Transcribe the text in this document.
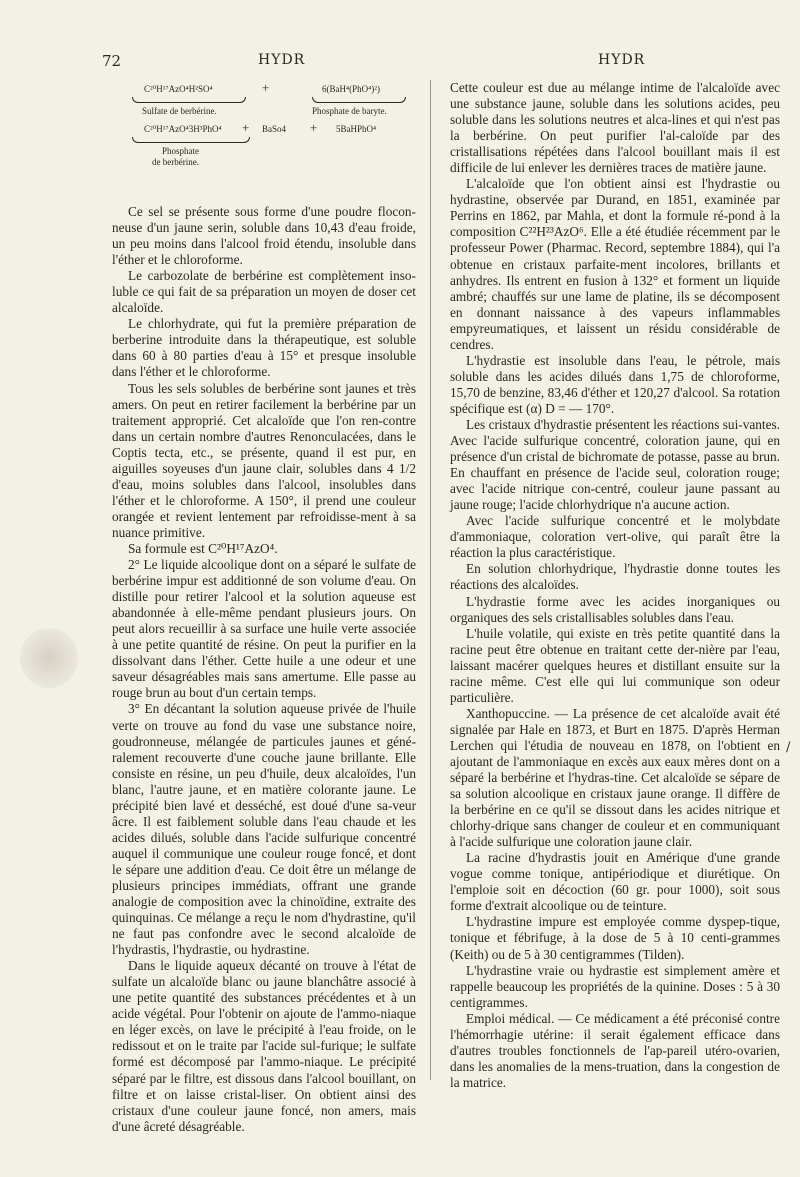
72	HYDR	HYDR
/
C²⁰H¹⁷AzO⁴H²SO⁴	+	6(BaH⁴(PhO⁴)²)
Sulfate de berbérine.	Phosphate de baryte.
C²⁰H¹⁷AzO⁴3H³PhO⁴ + BaSo4 + 5BaHPhO⁴
Phosphate
de berbérine.

Ce sel se présente sous forme d'une poudre flocon-neuse d'un jaune serin, soluble dans 10,43 d'eau froide, un peu moins dans l'alcool froid étendu, insoluble dans l'éther et le chloroforme.

Le carbozolate de berbérine est complètement inso-luble ce qui fait de sa préparation un moyen de doser cet alcaloïde.

Le chlorhydrate, qui fut la première préparation de berberine introduite dans la thérapeutique, est soluble dans 60 à 80 parties d'eau à 15° et presque insoluble dans l'éther et le chloroforme.

Tous les sels solubles de berbérine sont jaunes et très amers. On peut en retirer facilement la berbérine par un traitement approprié. Cet alcaloïde que l'on ren-contre dans un certain nombre d'autres Renonculacées, dans le Coptis tecta, etc., se présente, quand il est pur, en aiguilles soyeuses d'un jaune clair, solubles dans 4 1/2 d'eau, moins solubles dans l'alcool, insolubles dans l'éther et le chloroforme. A 150°, il prend une couleur orangée et revient lentement par refroidisse-ment à sa nuance primitive.

Sa formule est C²⁰H¹⁷AzO⁴.

2° Le liquide alcoolique dont on a séparé le sulfate de berbérine impur est additionné de son volume d'eau. On distille pour retirer l'alcool et la solution aqueuse est abandonnée à elle-même pendant plusieurs jours. On peut alors recueillir à sa surface une huile verte associée à une petite quantité de résine. On peut la purifier en la dissolvant dans l'éther. Cette huile a une odeur et une saveur désagréables mais sans amertume. Elle passe au rouge brun au bout d'un certain temps.

3° En décantant la solution aqueuse privée de l'huile verte on trouve au fond du vase une substance noire, goudronneuse, mélangée de particules jaunes et géné-ralement recouverte d'une couche jaune brillante. Elle consiste en résine, un peu d'huile, deux alcaloïdes, l'un blanc, l'autre jaune, et en matière colorante jaune. Le précipité bien lavé et desséché, est doué d'une sa-veur âcre. Il est faiblement soluble dans l'eau chaude et les acides dilués, soluble dans l'acide sulfurique concentré auquel il communique une couleur rouge foncé, et dont le sépare une addition d'eau. Ce doit être un mélange de plusieurs principes immédiats, offrant une grande analogie de composition avec la chinoïdine, extraite des quinquinas. Ce mélange a reçu le nom d'hydrastine, qu'il ne faut pas confondre avec le second alcaloïde de l'hydrastis, l'hydrastie, ou hydrastine.

Dans le liquide aqueux décanté on trouve à l'état de sulfate un alcaloïde blanc ou jaune blanchâtre associé à une petite quantité des substances précédentes et à un acide végétal. Pour l'obtenir on ajoute de l'ammo-niaque en léger excès, on lave le précipité à l'eau froide, on le redissout et on le traite par l'acide sul-furique; le sulfate formé est décomposé par l'ammo-niaque. Le précipité séparé par le filtre, est dissous dans l'alcool bouillant, on filtre et on laisse cristal-liser. On obtient ainsi des cristaux d'une couleur jaune foncé, non amers, mais d'une âcreté désagréable.

Cette couleur est due au mélange intime de l'alcaloïde avec une substance jaune, soluble dans les solutions acides, peu soluble dans les solutions neutres et alca-lines et qui n'est pas la berbérine. On peut purifier l'al-caloïde par des cristallisations répétées dans l'alcool bouillant mais il est difficile de lui enlever les dernières traces de matière jaune.

L'alcaloïde que l'on obtient ainsi est l'hydrastie ou hydrastine, observée par Durand, en 1851, examinée par Perrins en 1862, par Mahla, et dont la formule ré-pond à la composition C²²H²³AzO⁶. Elle a été étudiée récemment par le professeur Power (Pharmac. Record, septembre 1884), qui l'a obtenue en cristaux parfaite-ment incolores, brillants et anhydres. Ils entrent en fusion à 132° et forment un liquide ambré; chauffés sur une lame de platine, ils se décomposent en donnant naissance à des vapeurs inflammables empyreumatiques, et laissent un résidu considérable de cendres.

L'hydrastie est insoluble dans l'eau, le pétrole, mais soluble dans les acides dilués dans 1,75 de chloroforme, 15,70 de benzine, 83,46 d'éther et 120,27 d'alcool. Sa rotation spécifique est (α) D = — 170°.

Les cristaux d'hydrastie présentent les réactions sui-vantes. Avec l'acide sulfurique concentré, coloration jaune, qui en présence d'un cristal de bichromate de potasse, passe au brun. En chauffant en présence de l'acide seul, coloration rouge; avec l'acide nitrique con-centré, couleur jaune passant au jaune rouge; l'acide chlorhydrique n'a aucune action.

Avec l'acide sulfurique concentré et le molybdate d'ammoniaque, coloration vert-olive, qui paraît être la réaction la plus caractéristique.

En solution chlorhydrique, l'hydrastie donne toutes les réactions des alcaloïdes.

L'hydrastie forme avec les acides inorganiques ou organiques des sels cristallisables solubles dans l'eau.

L'huile volatile, qui existe en très petite quantité dans la racine peut être obtenue en traitant cette der-nière par l'eau, laissant macérer quelques heures et distillant ensuite sur la racine même. C'est elle qui lui communique son odeur particulière.

Xanthopuccine. — La présence de cet alcaloïde avait été signalée par Hale en 1873, et Burt en 1875. D'après Herman Lerchen qui l'étudia de nouveau en 1878, on l'obtient en ajoutant de l'ammoniaque en excès aux eaux mères dont on a séparé la berbérine et l'hydras-tine. Cet alcaloïde se sépare de sa solution alcoolique en cristaux jaune orange. Il diffère de la berbérine en ce qu'il se dissout dans les acides nitrique et chlorhy-drique sans changer de couleur et en communiquant à l'acide sulfurique une coloration jaune clair.

La racine d'hydrastis jouit en Amérique d'une grande vogue comme tonique, antipériodique et diurétique. On l'emploie soit en décoction (60 gr. pour 1000), soit sous forme d'extrait alcoolique ou de teinture.

L'hydrastine impure est employée comme dyspep-tique, tonique et fébrifuge, à la dose de 5 à 10 centi-grammes (Keith) ou de 5 à 30 centigrammes (Tilden).

L'hydrastine vraie ou hydrastie est simplement amère et rappelle beaucoup les propriétés de la quinine. Doses : 5 à 30 centigrammes.

Emploi médical. — Ce médicament a été préconisé contre l'hémorrhagie utérine: il serait également efficace dans d'autres troubles fonctionnels de l'ap-pareil utéro-ovarien, dans les anomalies de la mens-truation, dans la congestion de la matrice.
